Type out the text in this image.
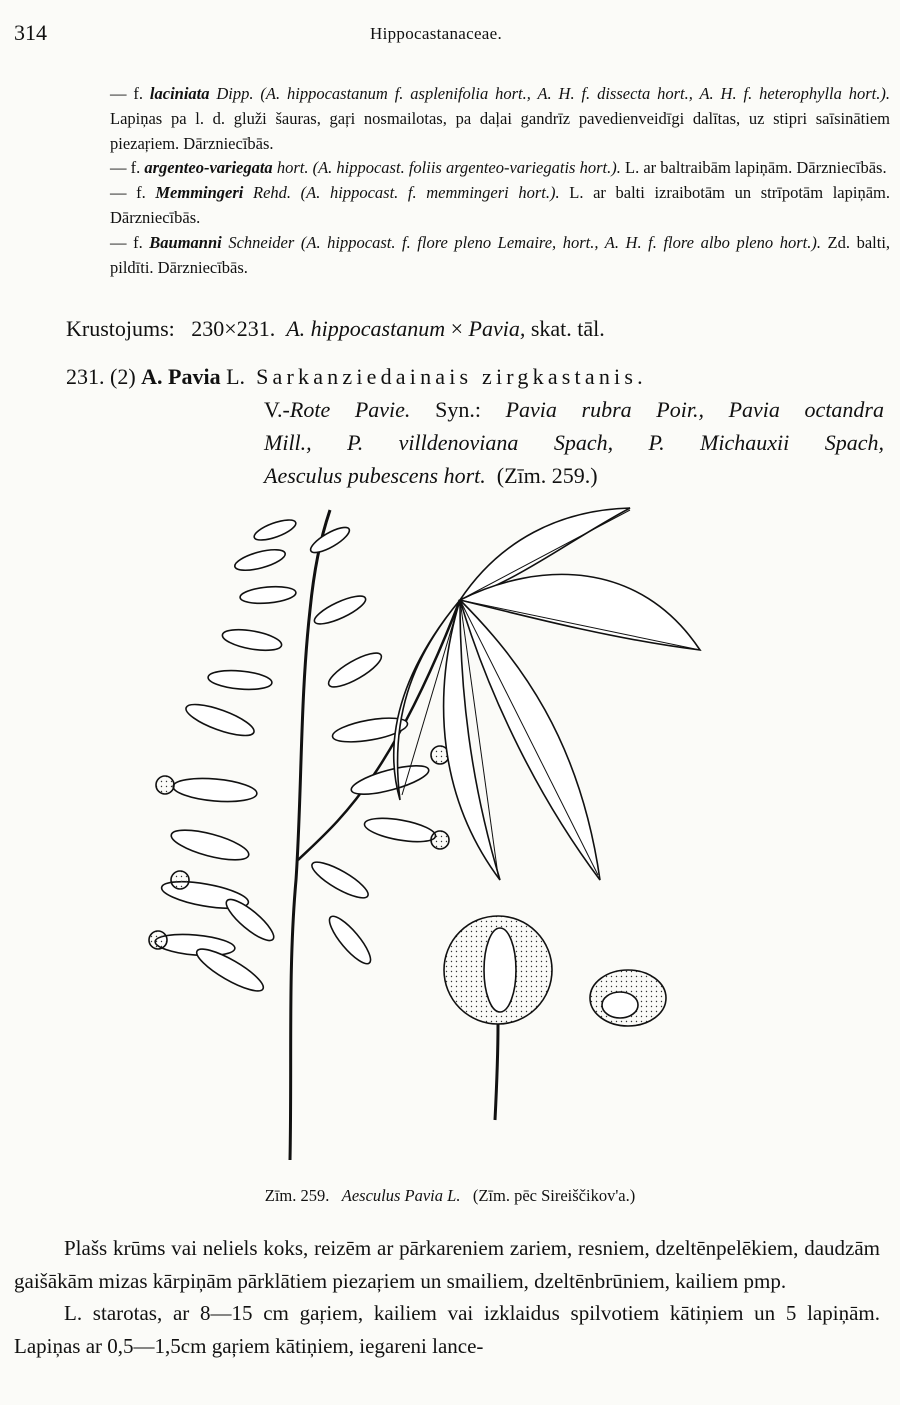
314	Hippocastanaceae.

— f. laciniata Dipp. (A. hippocastanum f. asplenifolia hort., A. H. f. dissecta hort., A. H. f. heterophylla hort.). Lapiņas pa l. d. gluži šauras, gaŗi nosmailotas, pa daļai gandrīz pavedienveidīgi dalītas, uz stipri saīsinātiem piezaŗiem. Dārzniecībās.

— f. argenteo-variegata hort. (A. hippocast. foliis argenteo-variegatis hort.). L. ar baltraibām lapiņām. Dārzniecībās.

— f. Memmingeri Rehd. (A. hippocast. f. memmingeri hort.). L. ar balti izraibotām un strīpotām lapiņām. Dārzniecībās.

— f. Baumanni Schneider (A. hippocast. f. flore pleno Lemaire, hort., A. H. f. flore albo pleno hort.). Zd. balti, pildīti. Dārzniecībās.

Krustojums: 230×231. A. hippocastanum × Pavia, skat. tāl.
231. (2) A. Pavia L. Sarkanziedainais zirgkastanis.
V.-Rote Pavie. Syn.: Pavia rubra Poir., Pavia octandra
Mill., P. villdenoviana Spach, P. Michauxii Spach,
Aesculus pubescens hort. (Zīm. 259.)
Zīm. 259. Aesculus Pavia L. (Zīm. pēc Sireiščikov'a.)

Plašs krūms vai neliels koks, reizēm ar pārkareniem zariem, resniem, dzeltēnpelēkiem, daudzām gaišākām mizas kārpiņām pārklātiem piezaŗiem un smailiem, dzeltēnbrūniem, kailiem pmp.

L. starotas, ar 8—15 cm gaŗiem, kailiem vai izklaidus spilvotiem kātiņiem un 5 lapiņām. Lapiņas ar 0,5—1,5cm gaŗiem kātiņiem, iegareni lance-
